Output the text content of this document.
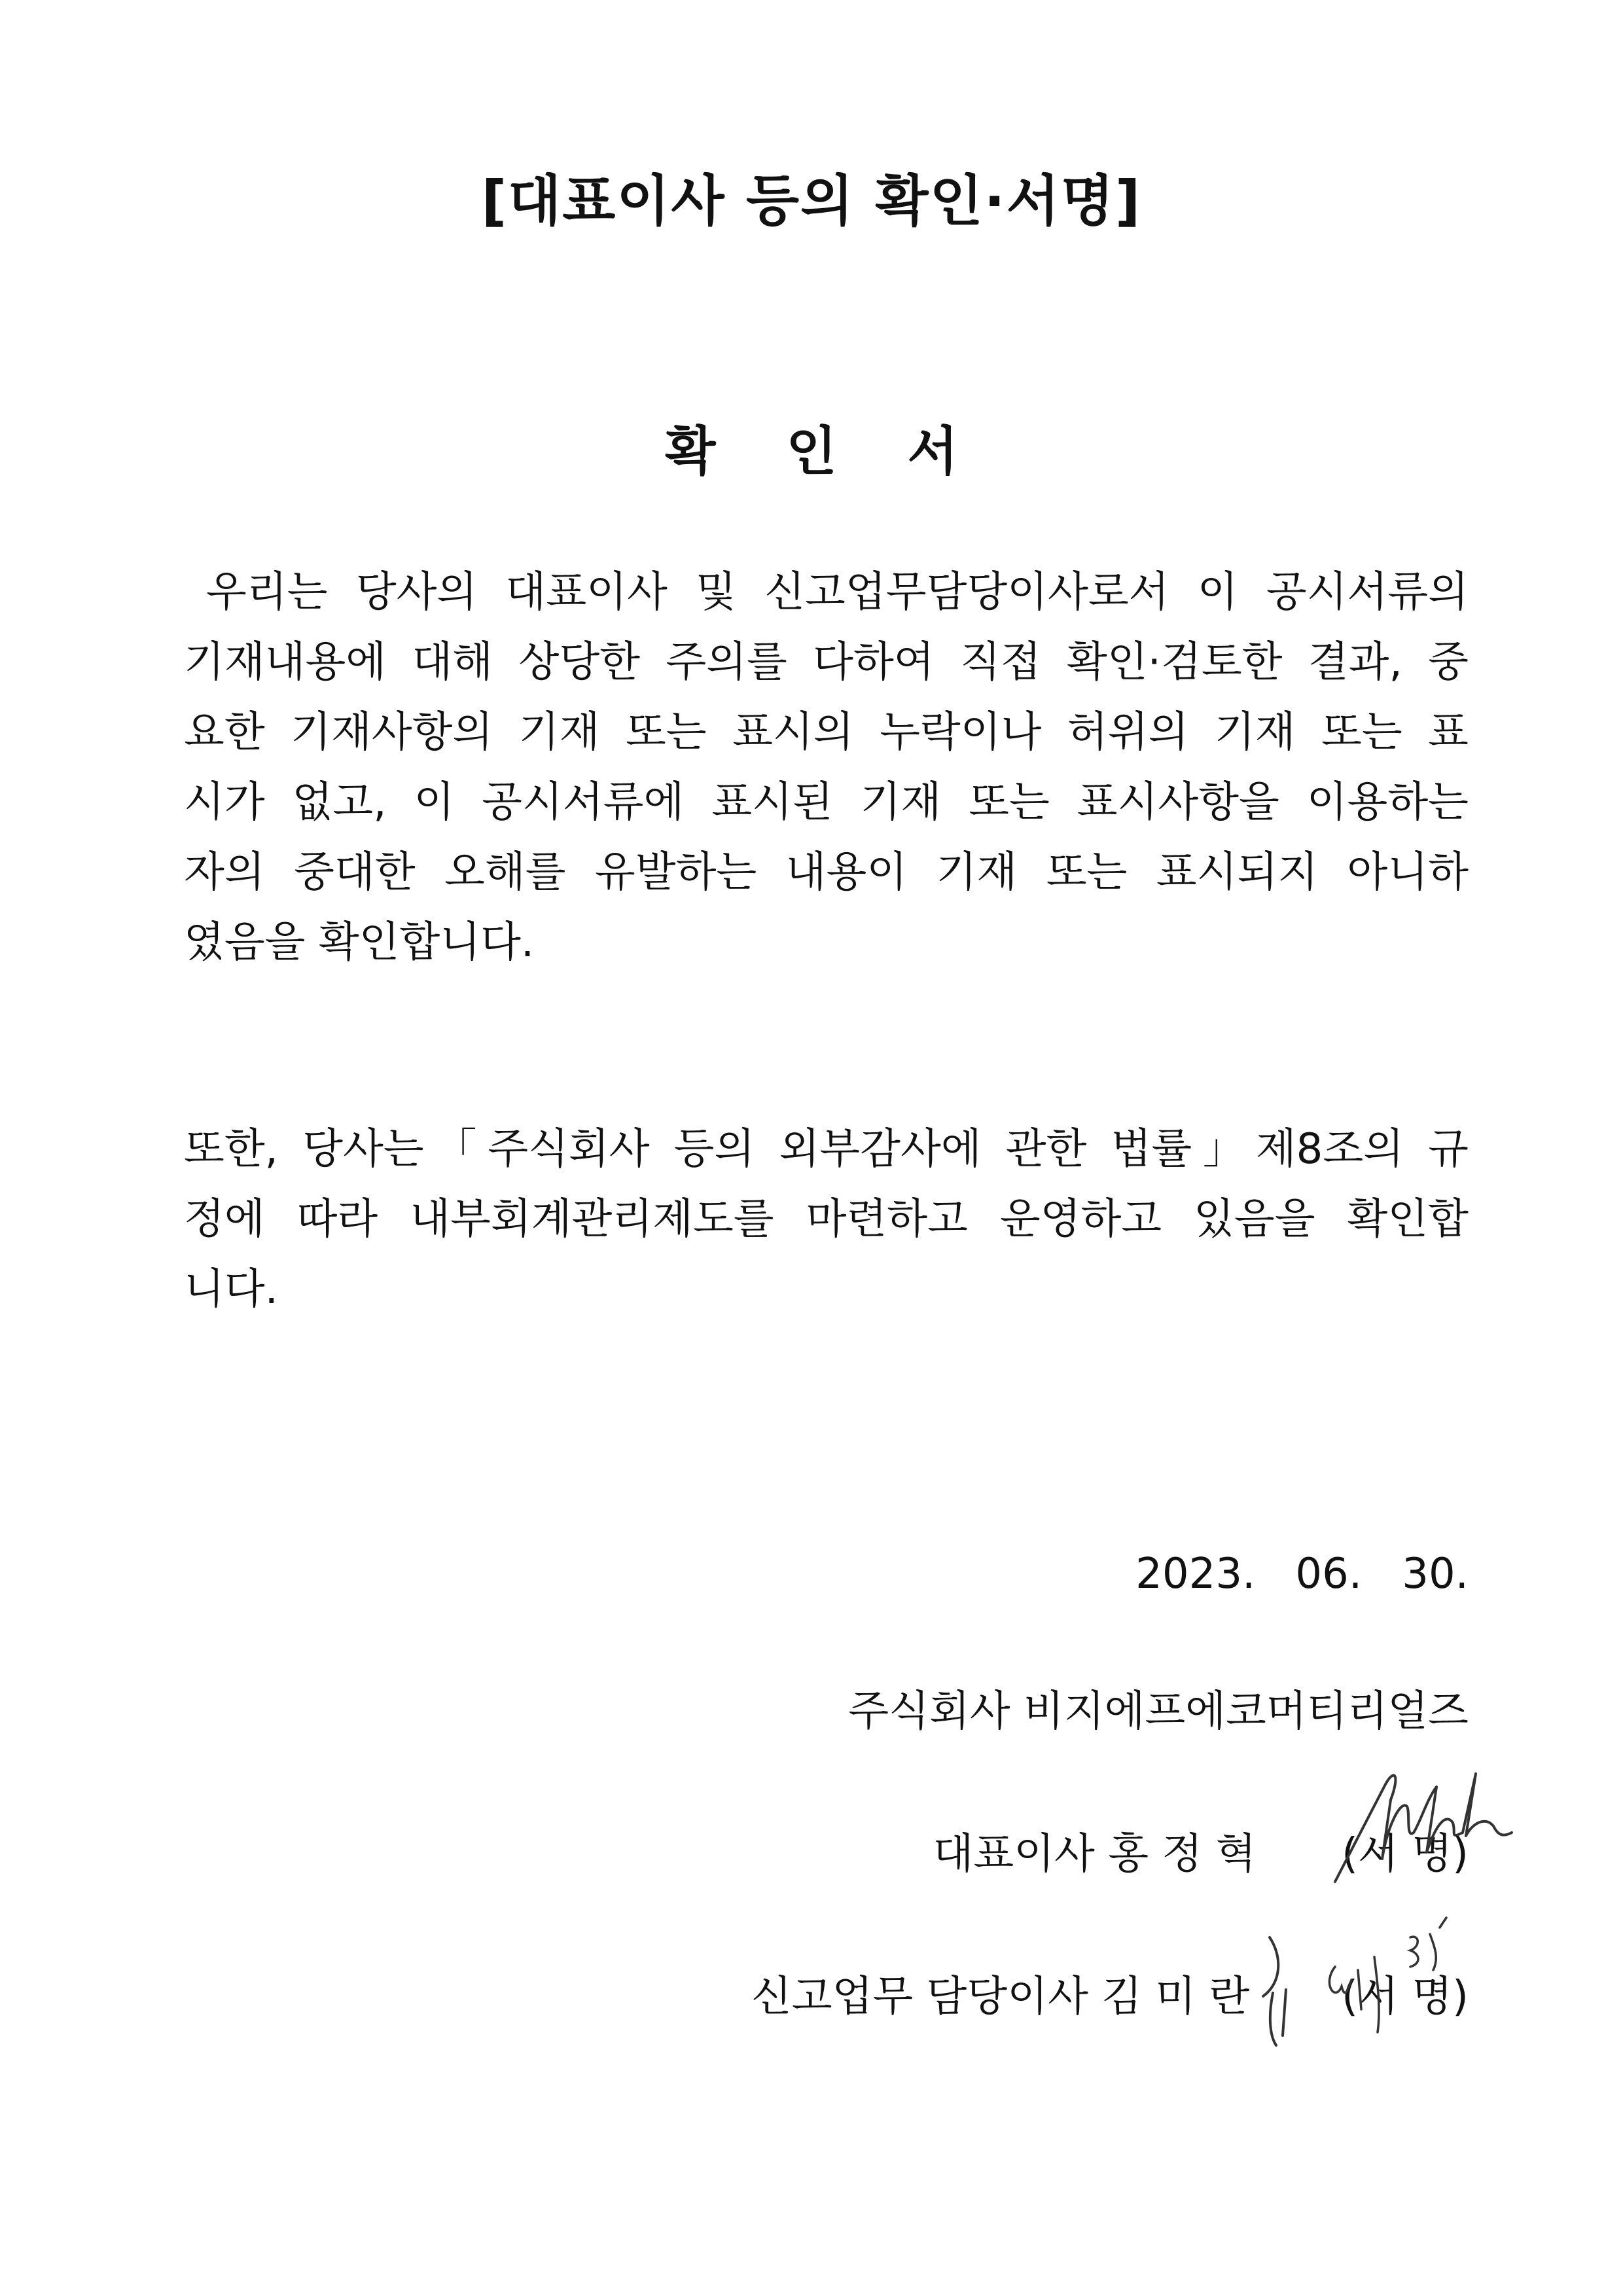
[대표이사 등의 확인·서명]
확 인 서
우리는 당사의 대표이사 및 신고업무담당이사로서 이 공시서류의
기재내용에 대해 상당한 주의를 다하여 직접 확인·검토한 결과, 중
요한 기재사항의 기재 또는 표시의 누락이나 허위의 기재 또는 표
시가 없고, 이 공시서류에 표시된 기재 또는 표시사항을 이용하는
자의 중대한 오해를 유발하는 내용이 기재 또는 표시되지 아니하
였음을 확인합니다.
또한, 당사는「주식회사 등의 외부감사에 관한 법률」제8조의 규
정에 따라 내부회계관리제도를 마련하고 운영하고 있음을 확인합
니다.
2023.   06.   30.
주식회사 비지에프에코머티리얼즈
대표이사 홍 정 혁 (서 명)
신고업무 담당이사 김 미 란 (서 명)
